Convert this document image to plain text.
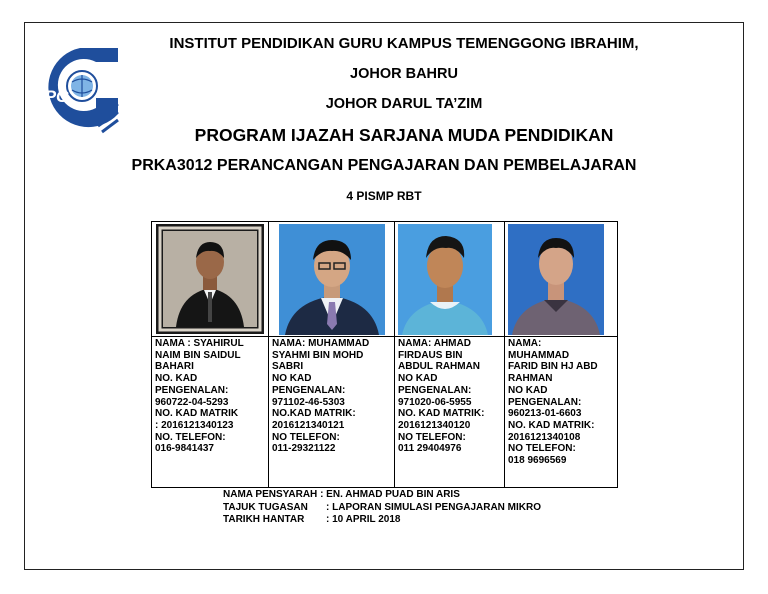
iPG
INSTITUT PENDIDIKAN GURU KAMPUS TEMENGGONG IBRAHIM,
JOHOR BAHRU
JOHOR DARUL TA’ZIM
PROGRAM IJAZAH SARJANA MUDA PENDIDIKAN
PRKA3012 PERANCANGAN PENGAJARAN DAN PEMBELAJARAN
4 PISMP RBT
NAMA : SYAHIRUL
NAIM BIN SAIDUL
BAHARI
NO. KAD
PENGENALAN:
960722-04-5293
NO. KAD MATRIK
: 2016121340123
NO. TELEFON:
016-9841437
NAMA: MUHAMMAD
SYAHMI BIN MOHD
SABRI
NO KAD
PENGENALAN:
971102-46-5303
NO.KAD MATRIK:
2016121340121
NO TELEFON:
011-29321122
NAMA: AHMAD
FIRDAUS BIN
ABDUL RAHMAN
NO KAD
PENGENALAN:
971020-06-5955
NO. KAD MATRIK:
2016121340120
NO TELEFON:
011 29404976
NAMA:
MUHAMMAD
FARID BIN HJ ABD
RAHMAN
NO KAD
PENGENALAN:
960213-01-6603
NO. KAD MATRIK:
2016121340108
NO TELEFON:
018 9696569
NAMA PENSYARAH
: EN. AHMAD PUAD BIN ARIS
TAJUK TUGASAN	: LAPORAN SIMULASI PENGAJARAN MIKRO
TARIKH HANTAR	: 10 APRIL 2018
